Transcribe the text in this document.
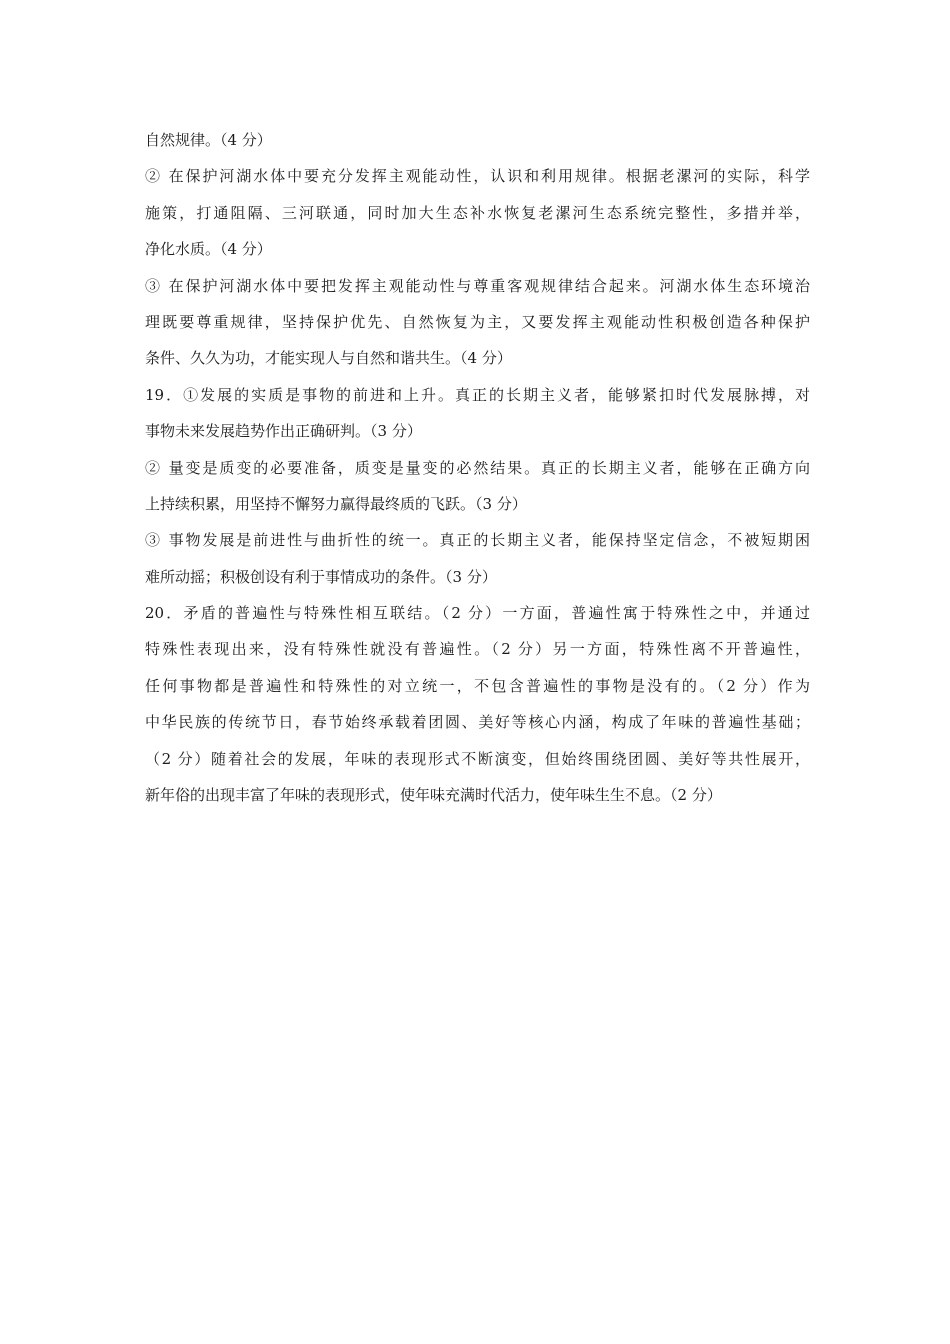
自然规律。（4 分）
② 在保护河湖水体中要充分发挥主观能动性，认识和利用规律。根据老漯河的实际，科学
施策，打通阻隔、三河联通，同时加大生态补水恢复老漯河生态系统完整性，多措并举，
净化水质。（4 分）
③ 在保护河湖水体中要把发挥主观能动性与尊重客观规律结合起来。河湖水体生态环境治
理既要尊重规律，坚持保护优先、自然恢复为主，又要发挥主观能动性积极创造各种保护
条件、久久为功，才能实现人与自然和谐共生。（4 分）
19．①发展的实质是事物的前进和上升。真正的长期主义者，能够紧扣时代发展脉搏，对
事物未来发展趋势作出正确研判。（3 分）
② 量变是质变的必要准备，质变是量变的必然结果。真正的长期主义者，能够在正确方向
上持续积累，用坚持不懈努力赢得最终质的飞跃。（3 分）
③ 事物发展是前进性与曲折性的统一。真正的长期主义者，能保持坚定信念，不被短期困
难所动摇；积极创设有利于事情成功的条件。（3 分）
20．矛盾的普遍性与特殊性相互联结。（2 分）一方面，普遍性寓于特殊性之中，并通过
特殊性表现出来，没有特殊性就没有普遍性。（2 分）另一方面，特殊性离不开普遍性，
任何事物都是普遍性和特殊性的对立统一，不包含普遍性的事物是没有的。（2 分）作为
中华民族的传统节日，春节始终承载着团圆、美好等核心内涵，构成了年味的普遍性基础；
（2 分）随着社会的发展，年味的表现形式不断演变，但始终围绕团圆、美好等共性展开，
新年俗的出现丰富了年味的表现形式，使年味充满时代活力，使年味生生不息。（2 分）
